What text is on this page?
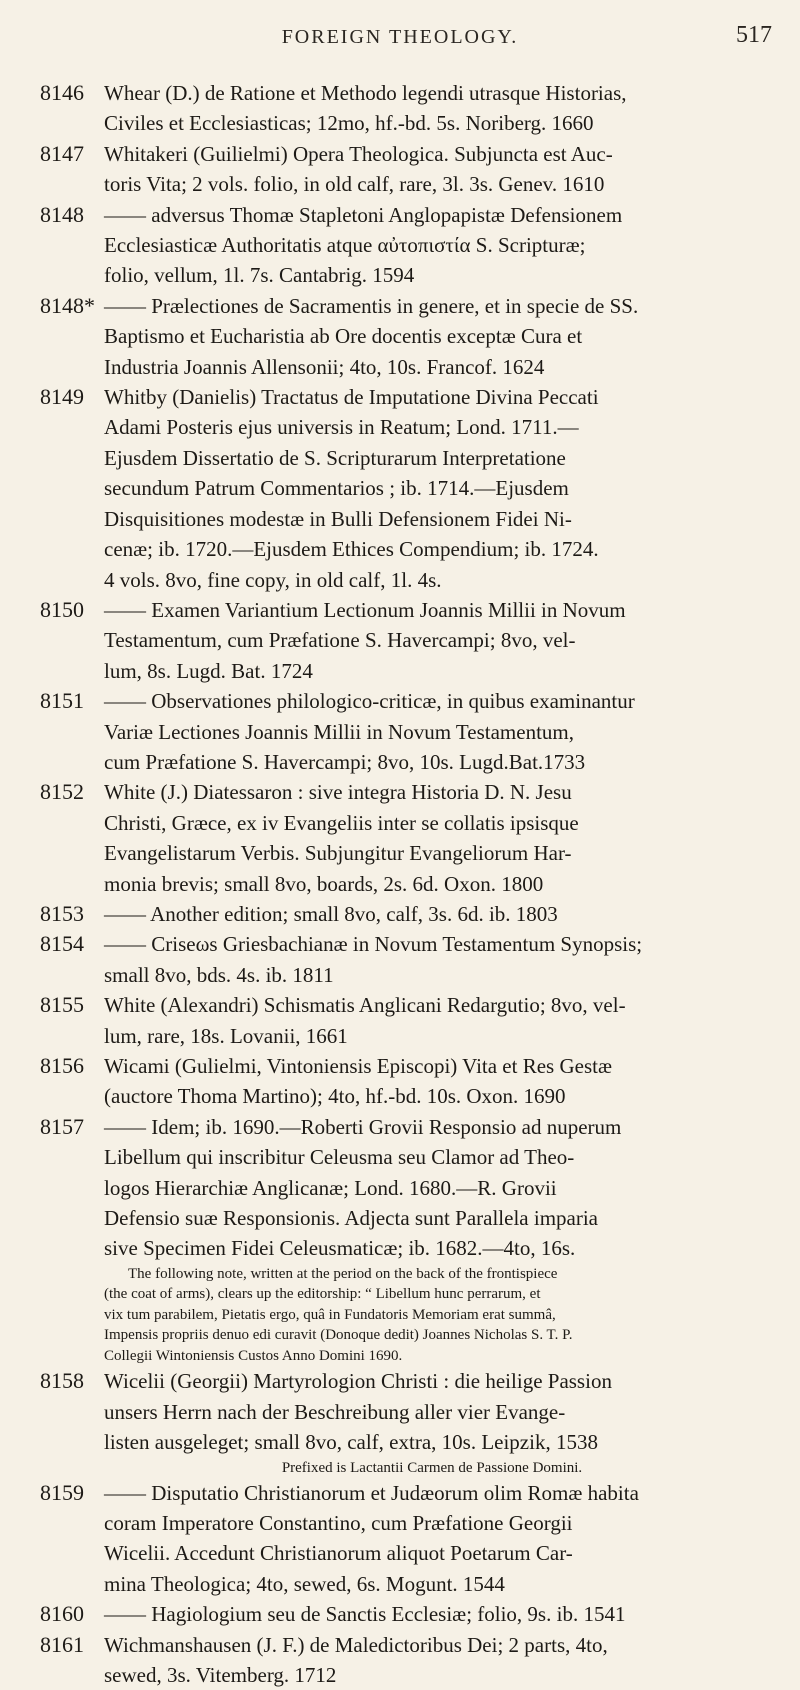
FOREIGN THEOLOGY.	517
8146 Whear (D.) de Ratione et Methodo legendi utrasque Historias,
Civiles et Ecclesiasticas; 12mo, hf.-bd. 5s. Noriberg. 1660
8147 Whitakeri (Guilielmi) Opera Theologica. Subjuncta est Auc-
toris Vita; 2 vols. folio, in old calf, rare, 3l. 3s. Genev. 1610
8148 —— adversus Thomæ Stapletoni Anglopapistæ Defensionem
Ecclesiasticæ Authoritatis atque αὐτοπιστία S. Scripturæ;
folio, vellum, 1l. 7s. Cantabrig. 1594
8148* —— Prælectiones de Sacramentis in genere, et in specie de SS.
Baptismo et Eucharistia ab Ore docentis exceptæ Cura et
Industria Joannis Allensonii; 4to, 10s. Francof. 1624
8149 Whitby (Danielis) Tractatus de Imputatione Divina Peccati
Adami Posteris ejus universis in Reatum; Lond. 1711.—
Ejusdem Dissertatio de S. Scripturarum Interpretatione
secundum Patrum Commentarios ; ib. 1714.—Ejusdem
Disquisitiones modestæ in Bulli Defensionem Fidei Ni-
cenæ; ib. 1720.—Ejusdem Ethices Compendium; ib. 1724.
4 vols. 8vo, fine copy, in old calf, 1l. 4s.
8150 —— Examen Variantium Lectionum Joannis Millii in Novum
Testamentum, cum Præfatione S. Havercampi; 8vo, vel-
lum, 8s. Lugd. Bat. 1724
8151 —— Observationes philologico-criticæ, in quibus examinantur
Variæ Lectiones Joannis Millii in Novum Testamentum,
cum Præfatione S. Havercampi; 8vo, 10s. Lugd.Bat.1733
8152 White (J.) Diatessaron : sive integra Historia D. N. Jesu
Christi, Græce, ex iv Evangeliis inter se collatis ipsisque
Evangelistarum Verbis. Subjungitur Evangeliorum Har-
monia brevis; small 8vo, boards, 2s. 6d. Oxon. 1800
8153 —— Another edition; small 8vo, calf, 3s. 6d. ib. 1803
8154 —— Criseωs Griesbachianæ in Novum Testamentum Synopsis;
small 8vo, bds. 4s. ib. 1811
8155 White (Alexandri) Schismatis Anglicani Redargutio; 8vo, vel-
lum, rare, 18s. Lovanii, 1661
8156 Wicami (Gulielmi, Vintoniensis Episcopi) Vita et Res Gestæ
(auctore Thoma Martino); 4to, hf.-bd. 10s. Oxon. 1690
8157 —— Idem; ib. 1690.—Roberti Grovii Responsio ad nuperum
Libellum qui inscribitur Celeusma seu Clamor ad Theo-
logos Hierarchiæ Anglicanæ; Lond. 1680.—R. Grovii
Defensio suæ Responsionis. Adjecta sunt Parallela imparia
sive Specimen Fidei Celeusmaticæ; ib. 1682.—4to, 16s.
The following note, written at the period on the back of the frontispiece
(the coat of arms), clears up the editorship: “ Libellum hunc perrarum, et
vix tum parabilem, Pietatis ergo, quâ in Fundatoris Memoriam erat summâ,
Impensis propriis denuo edi curavit (Donoque dedit) Joannes Nicholas S. T. P.
Collegii Wintoniensis Custos Anno Domini 1690.
8158 Wicelii (Georgii) Martyrologion Christi : die heilige Passion
unsers Herrn nach der Beschreibung aller vier Evange-
listen ausgeleget; small 8vo, calf, extra, 10s. Leipzik, 1538
Prefixed is Lactantii Carmen de Passione Domini.
8159 —— Disputatio Christianorum et Judæorum olim Romæ habita
coram Imperatore Constantino, cum Præfatione Georgii
Wicelii. Accedunt Christianorum aliquot Poetarum Car-
mina Theologica; 4to, sewed, 6s. Mogunt. 1544
8160 —— Hagiologium seu de Sanctis Ecclesiæ; folio, 9s. ib. 1541
8161 Wichmanshausen (J. F.) de Maledictoribus Dei; 2 parts, 4to,
sewed, 3s. Vitemberg. 1712
